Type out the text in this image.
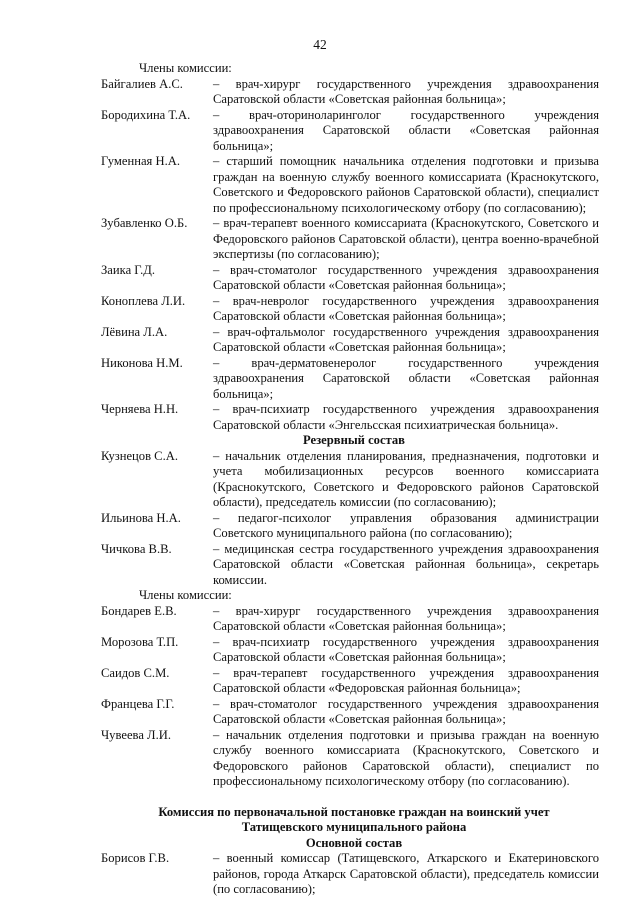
42
Члены комиссии:
Байгалиев А.С.	– врач-хирург государственного учреждения здравоохранения Саратовской области «Советская районная больница»;
Бородихина Т.А.	– врач-оториноларинголог государственного учреждения здравоохранения Саратовской области «Советская районная больница»;
Гуменная Н.А.	– старший помощник начальника отделения подготовки и призыва граждан на военную службу военного комиссариата (Краснокутского, Советского и Федоровского районов Саратовской области), специалист по профессиональному психологическому отбору (по согласованию);
Зубавленко О.Б.	– врач-терапевт военного комиссариата (Краснокутского, Советского и Федоровского районов Саратовской области), центра военно-врачебной экспертизы (по согласованию);
Заика Г.Д.	– врач-стоматолог государственного учреждения здравоохранения Саратовской области «Советская районная больница»;
Коноплева Л.И.	– врач-невролог государственного учреждения здравоохранения Саратовской области «Советская районная больница»;
Лёвина Л.А.	– врач-офтальмолог государственного учреждения здравоохранения Саратовской области «Советская районная больница»;
Никонова Н.М.	– врач-дерматовенеролог государственного учреждения здравоохранения Саратовской области «Советская районная больница»;
Черняева Н.Н.	– врач-психиатр государственного учреждения здравоохранения Саратовской области «Энгельсская психиатрическая больница».
Резервный состав
Кузнецов С.А.	– начальник отделения планирования, предназначения, подготовки и учета мобилизационных ресурсов военного комиссариата (Краснокутского, Советского и Федоровского районов Саратовской области), председатель комиссии (по согласованию);
Ильинова Н.А.	– педагог-психолог управления образования администрации Советского муниципального района (по согласованию);
Чичкова В.В.	– медицинская сестра государственного учреждения здравоохранения Саратовской области «Советская районная больница», секретарь комиссии.
Члены комиссии:
Бондарев Е.В.	– врач-хирург государственного учреждения здравоохранения Саратовской области «Советская районная больница»;
Морозова Т.П.	– врач-психиатр государственного учреждения здравоохранения Саратовской области «Советская районная больница»;
Саидов С.М.	– врач-терапевт государственного учреждения здравоохранения Саратовской области «Федоровская районная больница»;
Францева Г.Г.	– врач-стоматолог государственного учреждения здравоохранения Саратовской области «Советская районная больница»;
Чувеева Л.И.	– начальник отделения подготовки и призыва граждан на военную службу военного комиссариата (Краснокутского, Советского и Федоровского районов Саратовской области), специалист по профессиональному психологическому отбору (по согласованию).
Комиссия по первоначальной постановке граждан на воинский учет
Татищевского муниципального района
Основной состав
Борисов Г.В.	– военный комиссар (Татищевского, Аткарского и Екатериновского районов, города Аткарск Саратовской области), председатель комиссии (по согласованию);
